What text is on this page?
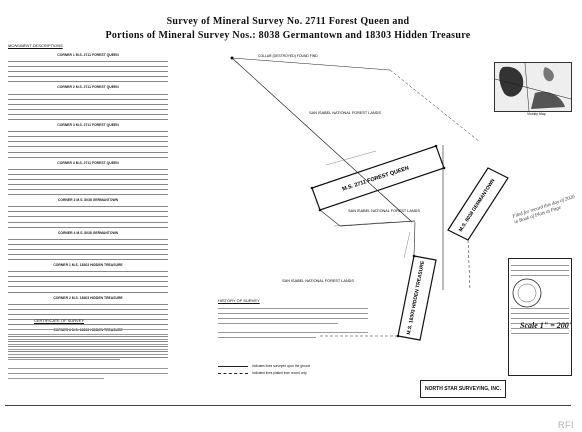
Survey of Mineral Survey No. 2711 Forest Queen and
Portions of Mineral Survey Nos.: 8038 Germantown and 18303 Hidden Treasure
MONUMENT DESCRIPTIONS
CORNER 1 M.S. 2711 FOREST QUEEN
CORNER 2 M.S. 2711 FOREST QUEEN
CORNER 3 M.S. 2711 FOREST QUEEN
CORNER 4 M.S. 2711 FOREST QUEEN
CORNER 3 M.S. 8038 GERMANTOWN
CORNER 4 M.S. 8038 GERMANTOWN
CORNER 1 M.S. 18303 HIDDEN TREASURE
CORNER 2 M.S. 18303 HIDDEN TREASURE
CORNER 3 M.S. 18303 HIDDEN TREASURE
CERTIFICATE OF SURVEY
M.S. 2711 FOREST QUEEN	M.S. 8038 GERMANTOWN
M.S. 18303 HIDDEN TREASURE
SAN ISABEL NATIONAL FOREST LANDS
SAN ISABEL NATIONAL FOREST LANDS
SAN ISABEL NATIONAL FOREST LANDS
COLLAR (DESTROYED) FOUND FIND
Vicinity Map
Filed for record this day of 2020 in Book of Plats at Page
Scale 1" = 200'
HISTORY OF SURVEY
Indicates lines surveyed upon the ground
Indicated lines platted from record only
NORTH STAR SURVEYING, INC.
RFI
